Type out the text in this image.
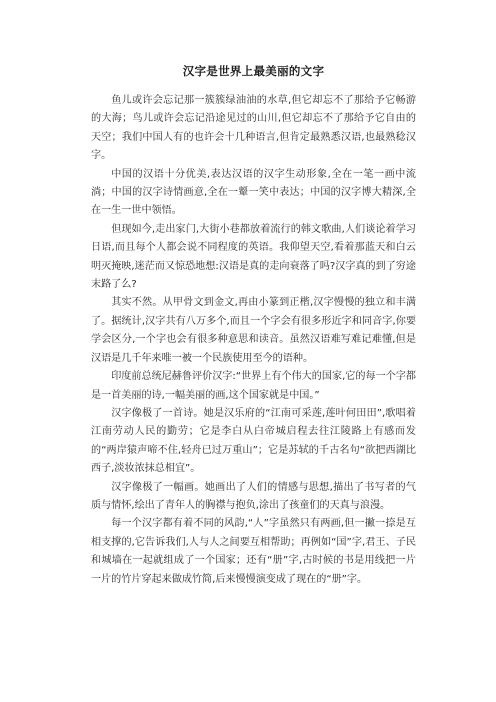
汉字是世界上最美丽的文字

鱼儿或许会忘记那一簇簇绿油油的水草,但它却忘不了那给予它畅游的大海；鸟儿或许会忘记沿途见过的山川,但它却忘不了那给予它自由的天空；我们中国人有的也许会十几种语言,但肯定最熟悉汉语,也最熟稔汉字。

中国的汉语十分优美,表达汉语的汉字生动形象,全在一笔一画中流淌；中国的汉字诗情画意,全在一颦一笑中表达；中国的汉字博大精深,全在一生一世中领悟。

但现如今,走出家门,大街小巷都放着流行的韩文歌曲,人们谈论着学习日语,而且每个人都会说不同程度的英语。我仰望天空,看着那蓝天和白云明灭掩映,迷茫而又惊恐地想:汉语是真的走向衰落了吗?汉字真的到了穷途末路了么?

其实不然。从甲骨文到金文,再由小篆到正楷,汉字慢慢的独立和丰满了。据统计,汉字共有八万多个,而且一个字会有很多形近字和同音字,你要学会区分,一个字也会有很多种意思和读音。虽然汉语难写难记难懂,但是汉语是几千年来唯一被一个民族使用至今的语种。

印度前总统尼赫鲁评价汉字:“世界上有个伟大的国家,它的每一个字都是一首美丽的诗,一幅美丽的画,这个国家就是中国。”

汉字像极了一首诗。她是汉乐府的“江南可采莲,莲叶何田田”,歌唱着江南劳动人民的勤劳；它是李白从白帝城启程去往江陵路上有感而发的“两岸猿声啼不住,轻舟已过万重山”；它是苏轼的千古名句“欲把西湖比西子,淡妆浓抹总相宜”。

汉字像极了一幅画。她画出了人们的情感与思想,描出了书写者的气质与情怀,绘出了青年人的胸襟与抱负,涂出了孩童们的天真与浪漫。

每一个汉字都有着不同的风韵,“人”字虽然只有两画,但一撇一捺是互相支撑的,它告诉我们,人与人之间要互相帮助；再例如“国”字,君王、子民和城墙在一起就组成了一个国家；还有“册”字,古时候的书是用线把一片一片的竹片穿起来做成竹简,后来慢慢演变成了现在的“册”字。
